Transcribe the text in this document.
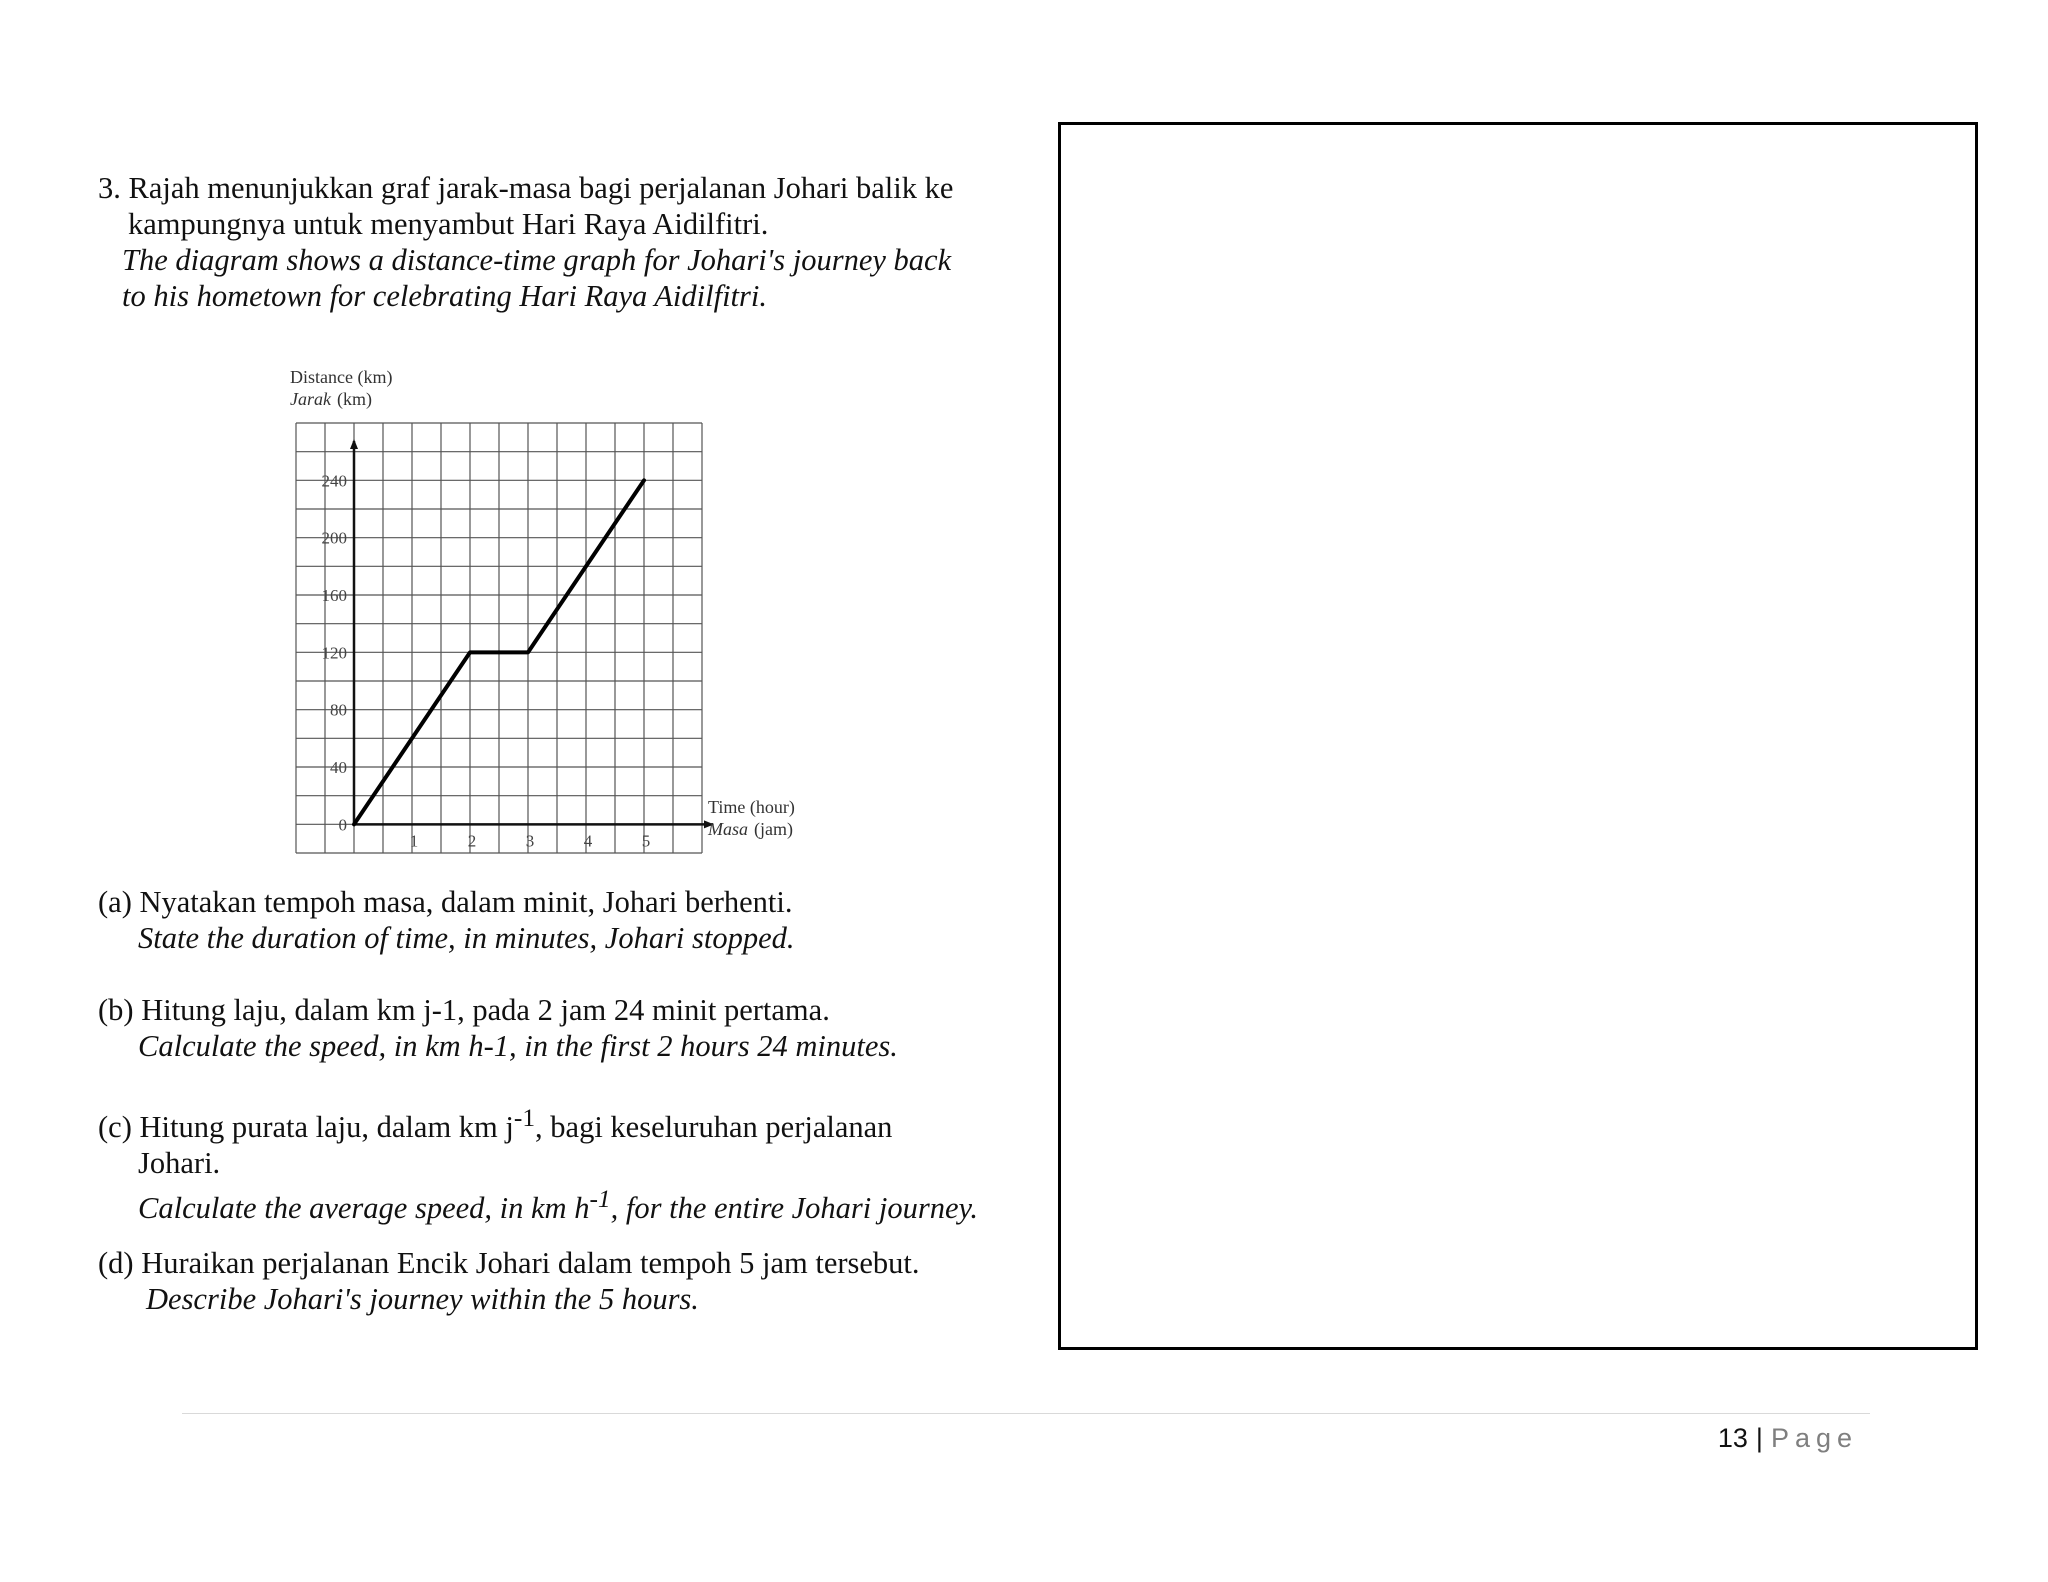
3. Rajah menunjukkan graf jarak-masa bagi perjalanan Johari balik ke
kampungnya untuk menyambut Hari Raya Aidilfitri.
The diagram shows a distance-time graph for Johari's journey back
to his hometown for celebrating Hari Raya Aidilfitri.
Distance (km)
Jarak (km)
0
40
80
120
160
200
240
1	2	3	4	5
Time (hour)
Masa (jam)
(a) Nyatakan tempoh masa, dalam minit, Johari berhenti.
State the duration of time, in minutes, Johari stopped.
(b) Hitung laju, dalam km j-1, pada 2 jam 24 minit pertama.
Calculate the speed, in km h-1, in the first 2 hours 24 minutes.
(c) Hitung purata laju, dalam km $j^{-1}$, bagi keseluruhan perjalanan
Johari.
Calculate the average speed, in km $h^{-1}$, for the entire Johari journey.
(d) Huraikan perjalanan Encik Johari dalam tempoh 5 jam tersebut.
Describe Johari's journey within the 5 hours.
13 | Page
